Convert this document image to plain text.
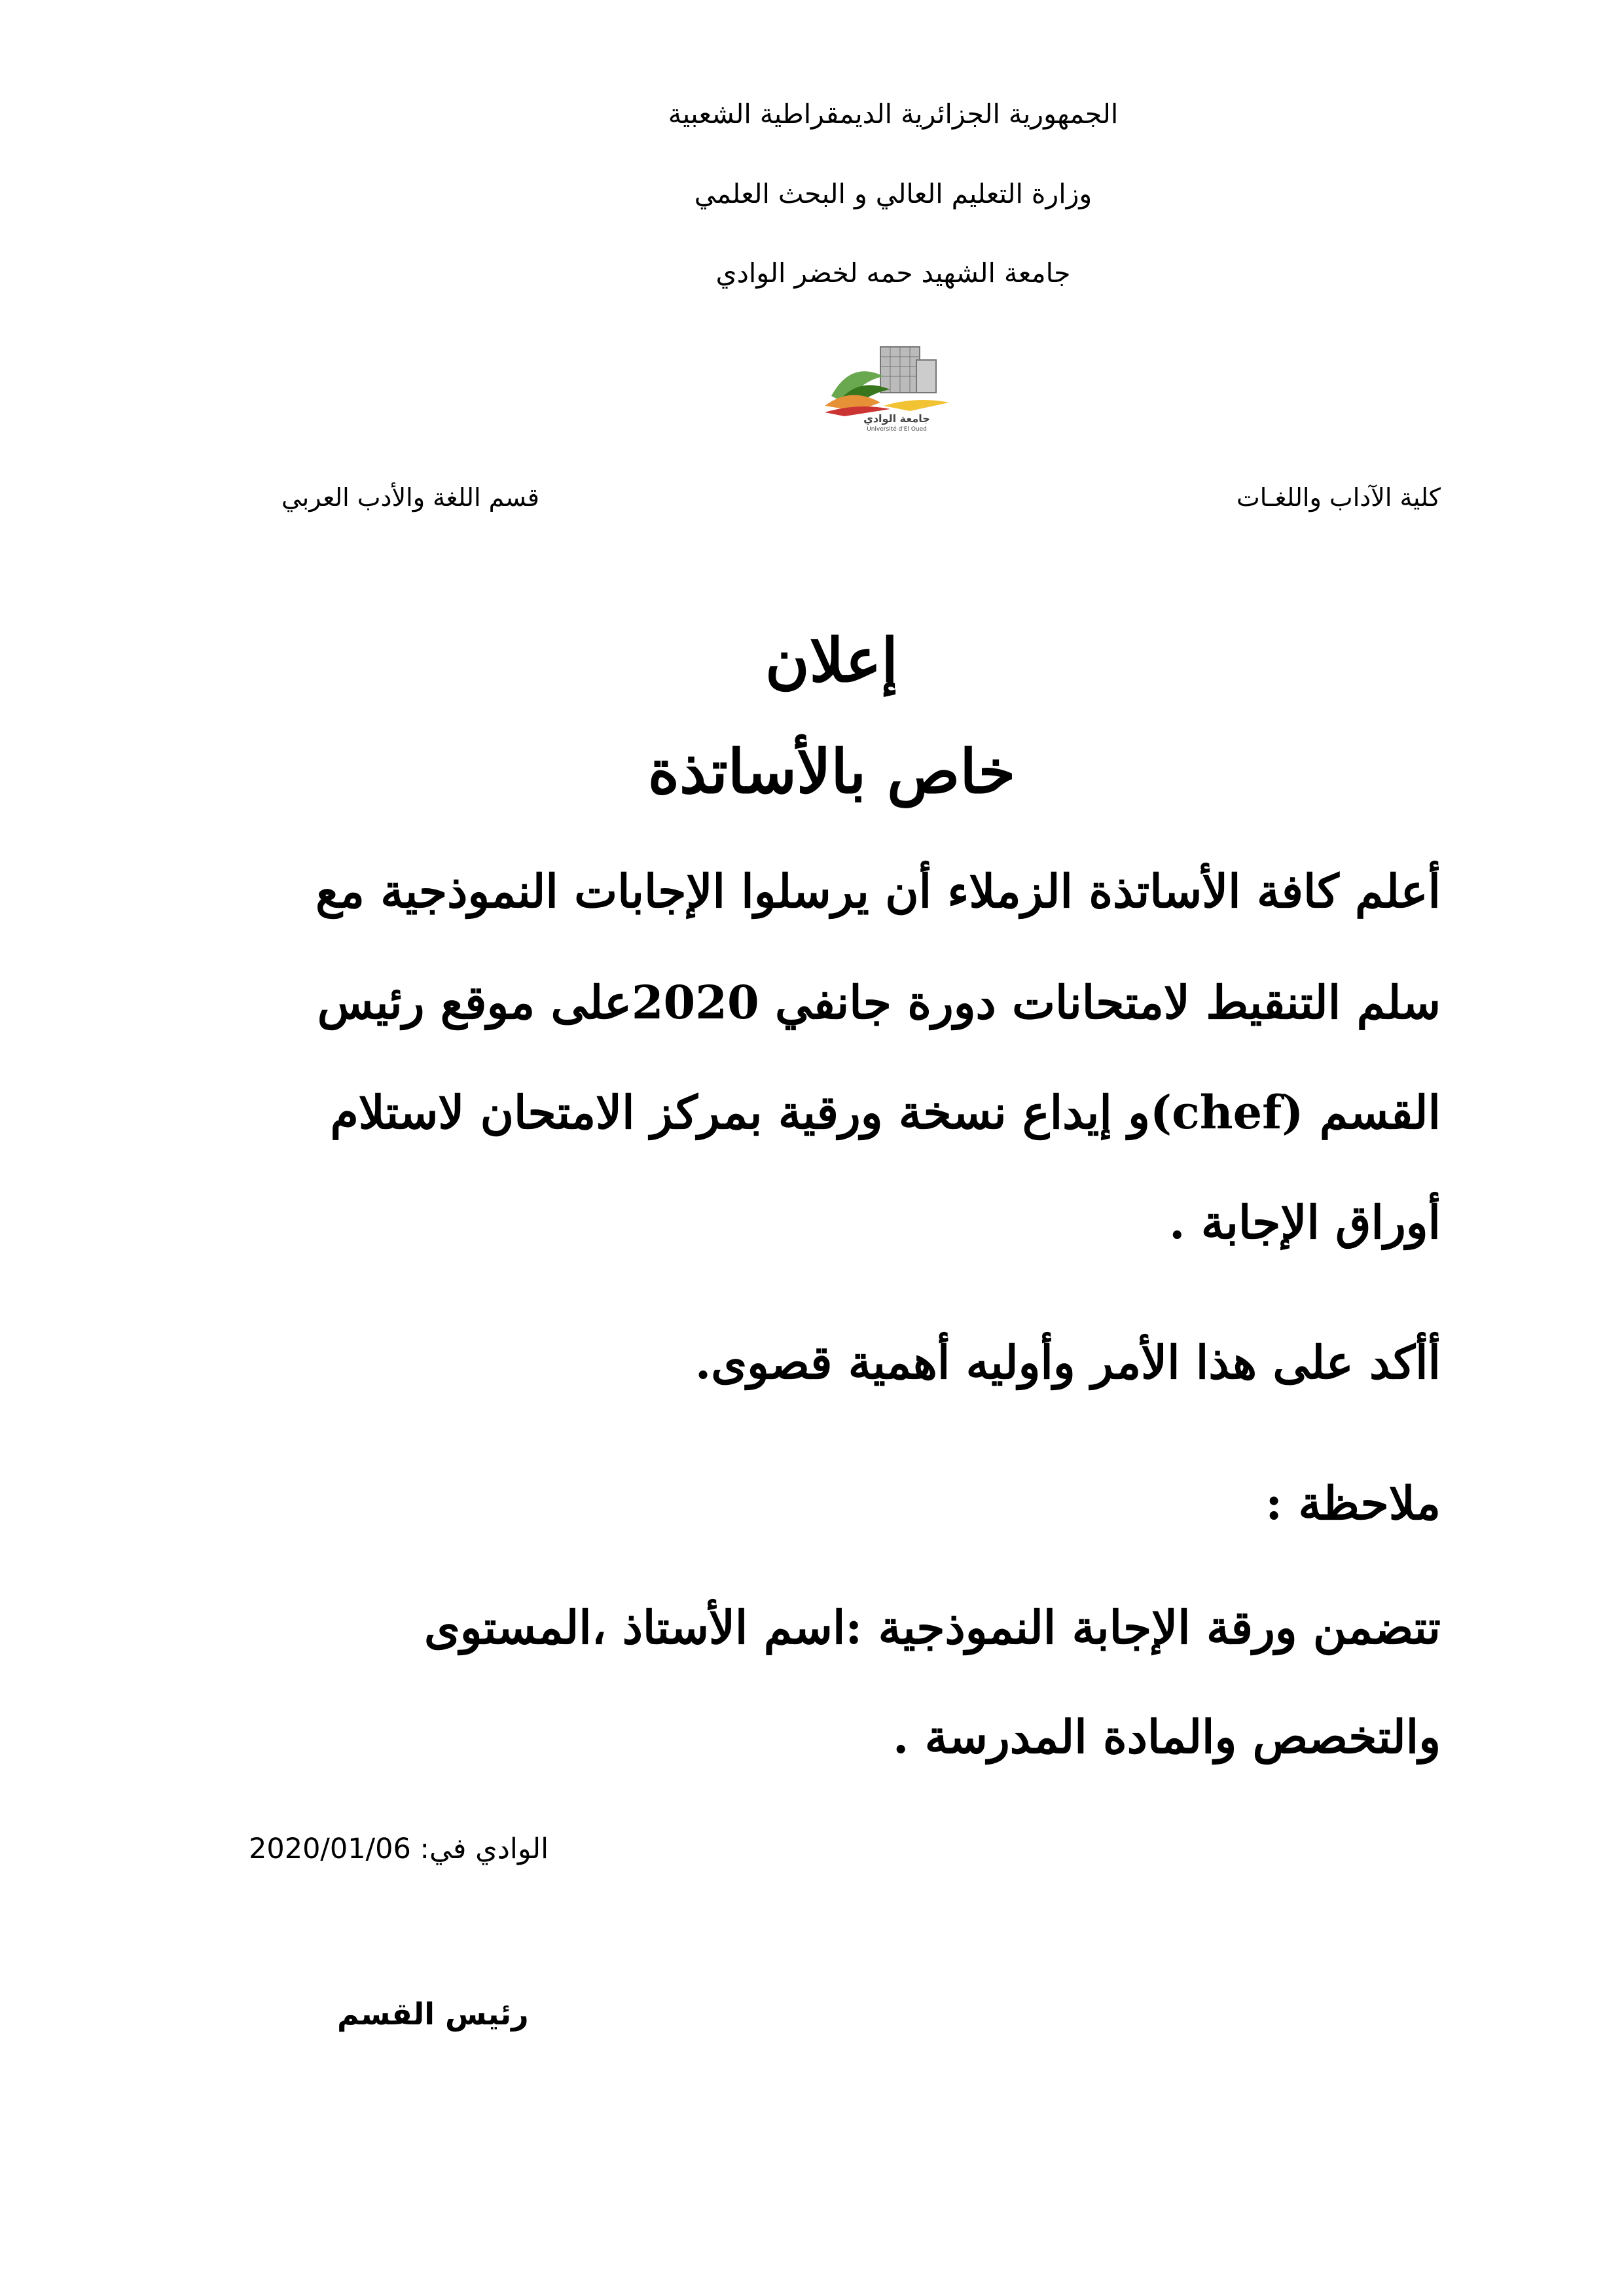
الجمهورية الجزائرية الديمقراطية الشعبية
وزارة التعليم العالي و البحث العلمي
جامعة الشهيد حمه لخضر الوادي
جامعة الوادي
Université d'El Oued
كلية الآداب واللغـات
قسم اللغة والأدب العربي
إعلان
خاص بالأساتذة
أعلم كافة الأساتذة الزملاء أن يرسلوا الإجابات النموذجية مع
سلم التنقيط لامتحانات دورة جانفي 2020على موقع رئيس
القسم (chef)و إيداع نسخة ورقية بمركز الامتحان لاستلام
أوراق الإجابة .
أأكد على هذا الأمر وأوليه أهمية قصوى.
ملاحظة :
تتضمن ورقة الإجابة النموذجية :اسم الأستاذ ،المستوى
والتخصص والمادة المدرسة .
الوادي في: 2020/01/06
رئيس القسم
